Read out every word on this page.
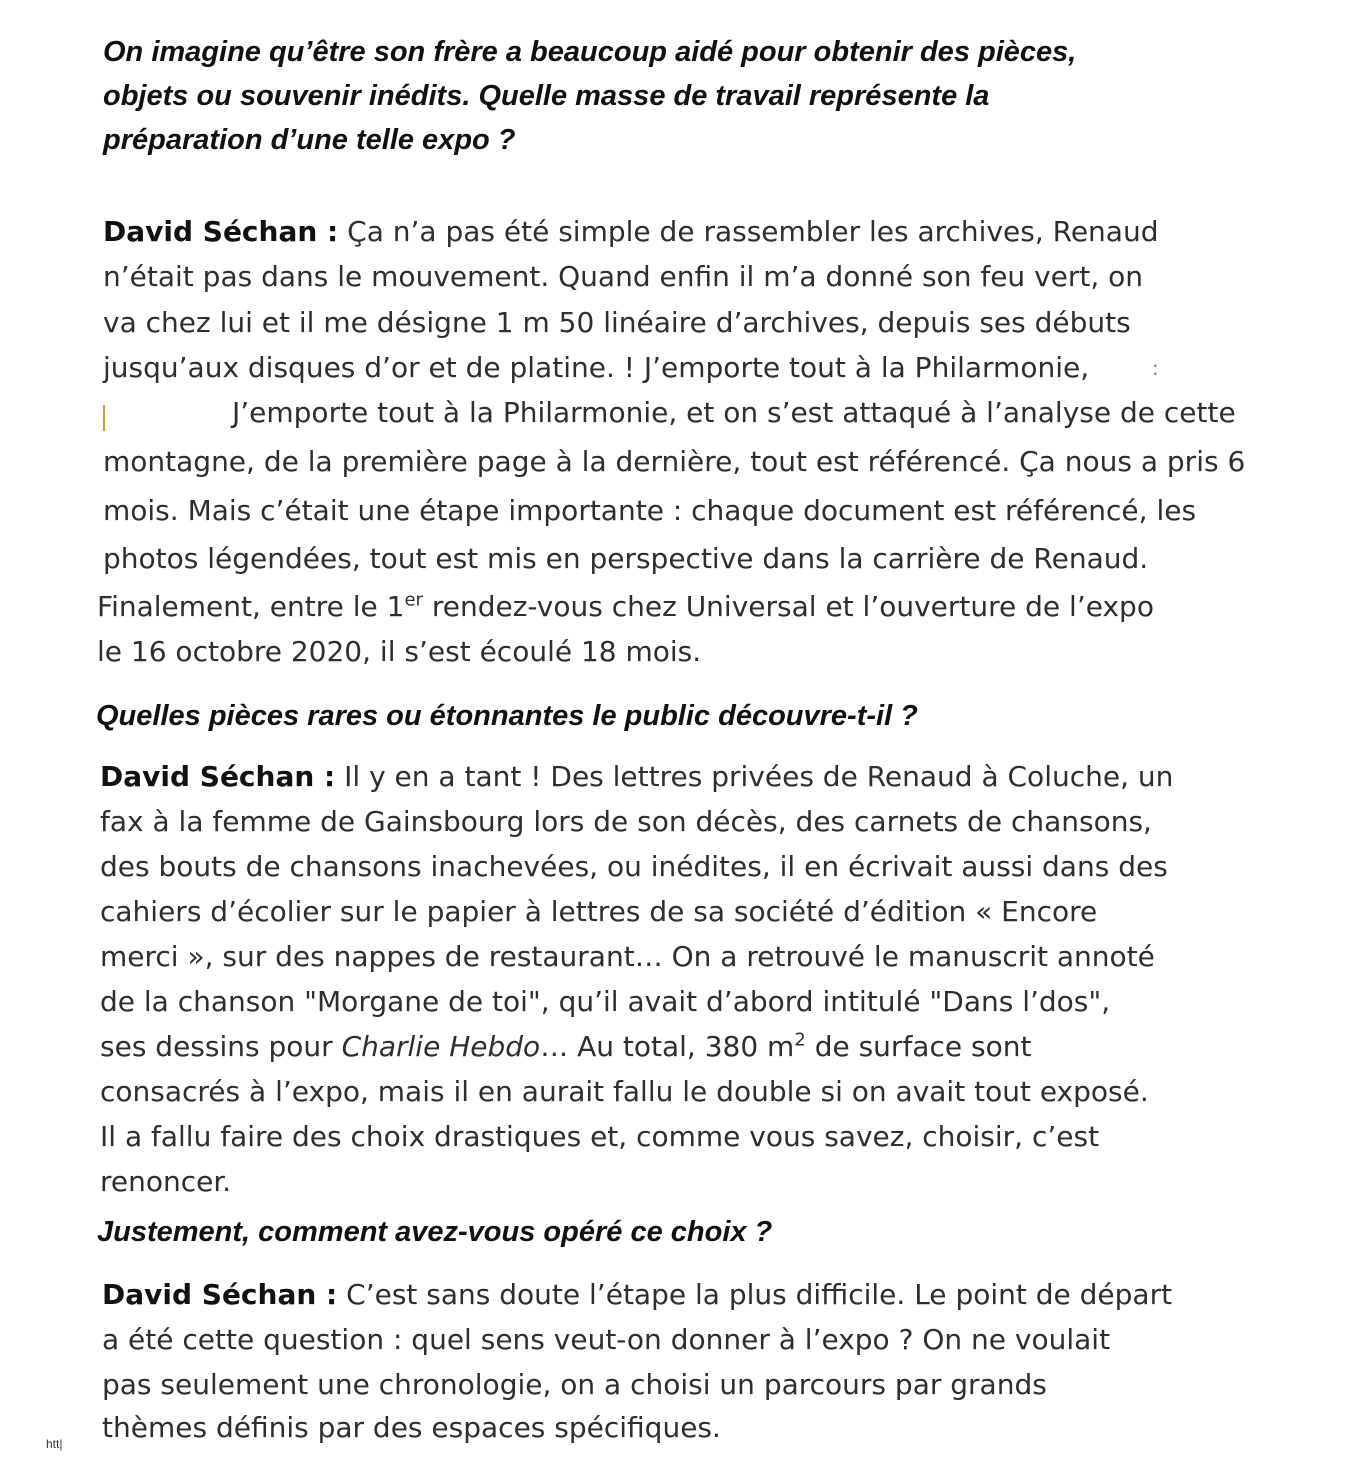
On imagine qu’être son frère a beaucoup aidé pour obtenir des pièces,
objets ou souvenir inédits. Quelle masse de travail représente la
préparation d’une telle expo ?

David Séchan : Ça n’a pas été simple de rassembler les archives, Renaud

n’était pas dans le mouvement. Quand enfin il m’a donné son feu vert, on

va chez lui et il me désigne 1 m 50 linéaire d’archives, depuis ses débuts

jusqu’aux disques d’or et de platine. ! J’emporte tout à la Philarmonie,	:

J’emporte tout à la Philarmonie, et on s’est attaqué à l’analyse de cette

montagne, de la première page à la dernière, tout est référencé. Ça nous a pris 6

mois. Mais c’était une étape importante : chaque document est référencé, les

photos légendées, tout est mis en perspective dans la carrière de Renaud.

Finalement, entre le 1er rendez-vous chez Universal et l’ouverture de l’expo

le 16 octobre 2020, il s’est écoulé 18 mois.

Quelles pièces rares ou étonnantes le public découvre-t-il ?

David Séchan : Il y en a tant ! Des lettres privées de Renaud à Coluche, un

fax à la femme de Gainsbourg lors de son décès, des carnets de chansons,

des bouts de chansons inachevées, ou inédites, il en écrivait aussi dans des

cahiers d’écolier sur le papier à lettres de sa société d’édition « Encore

merci », sur des nappes de restaurant… On a retrouvé le manuscrit annoté

de la chanson "Morgane de toi", qu’il avait d’abord intitulé "Dans l’dos",

ses dessins pour Charlie Hebdo… Au total, 380 $m^2$ de surface sont

consacrés à l’expo, mais il en aurait fallu le double si on avait tout exposé.

Il a fallu faire des choix drastiques et, comme vous savez, choisir, c’est

renoncer.

Justement, comment avez-vous opéré ce choix ?

David Séchan : C’est sans doute l’étape la plus difficile. Le point de départ

a été cette question : quel sens veut-on donner à l’expo ? On ne voulait

pas seulement une chronologie, on a choisi un parcours par grands

thèmes définis par des espaces spécifiques.

htt|
